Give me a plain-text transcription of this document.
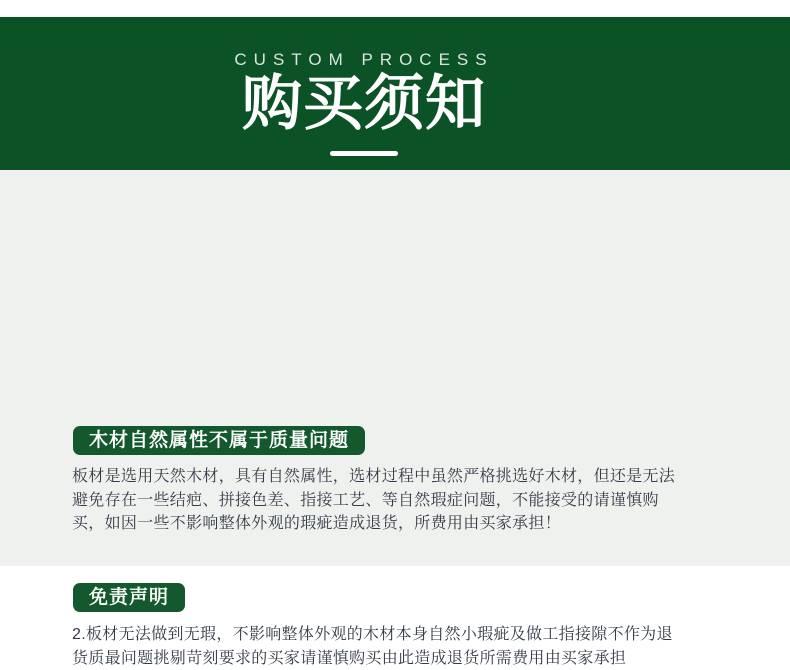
CUSTOM PROCESS
购买须知
木材自然属性不属于质量问题
板材是选用天然木材，具有自然属性，选材过程中虽然严格挑选好木材，但还是无法避免存在一些结疤、拼接色差、指接工艺、等自然瑕症问题，不能接受的请谨慎购买，如因一些不影响整体外观的瑕疵造成退货，所费用由买家承担！
免责声明
2.板材无法做到无瑕，不影响整体外观的木材本身自然小瑕疵及做工指接隙不作为退货质最问题挑剔苛刻要求的买家请谨慎购买由此造成退货所需费用由买家承担
